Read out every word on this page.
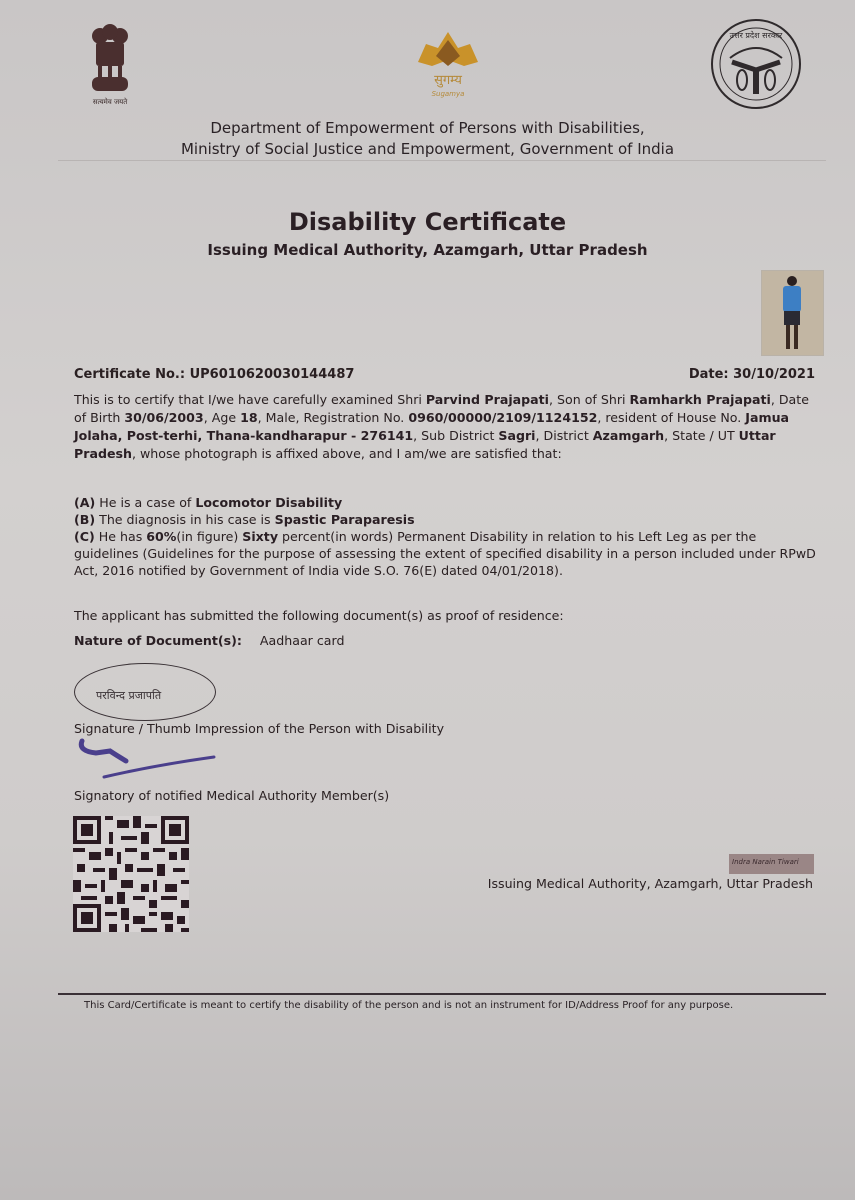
सत्यमेव जयते
सुगम्य
Sugamya
उत्तर प्रदेश सरकार
Department of Empowerment of Persons with Disabilities,
Ministry of Social Justice and Empowerment, Government of India
Disability Certificate
Issuing Medical Authority, Azamgarh, Uttar Pradesh
Certificate No.: UP6010620030144487	Date: 30/10/2021
This is to certify that I/we have carefully examined Shri Parvind Prajapati, Son of Shri Ramharkh Prajapati, Date of Birth 30/06/2003, Age 18, Male, Registration No. 0960/00000/2109/1124152, resident of House No. Jamua Jolaha, Post-terhi, Thana-kandharapur - 276141, Sub District Sagri, District Azamgarh, State / UT Uttar Pradesh, whose photograph is affixed above, and I am/we are satisfied that:
(A) He is a case of Locomotor Disability
(B) The diagnosis in his case is Spastic Paraparesis
(C) He has 60%(in figure) Sixty percent(in words) Permanent Disability in relation to his Left Leg as per the guidelines (Guidelines for the purpose of assessing the extent of specified disability in a person included under RPwD Act, 2016 notified by Government of India vide S.O. 76(E) dated 04/01/2018).
The applicant has submitted the following document(s) as proof of residence:
Nature of Document(s): Aadhaar card
परविन्द प्रजापति
Signature / Thumb Impression of the Person with Disability
Signatory of notified Medical Authority Member(s)
Indra Narain Tiwari
Issuing Medical Authority, Azamgarh, Uttar Pradesh
This Card/Certificate is meant to certify the disability of the person and is not an instrument for ID/Address Proof for any purpose.
